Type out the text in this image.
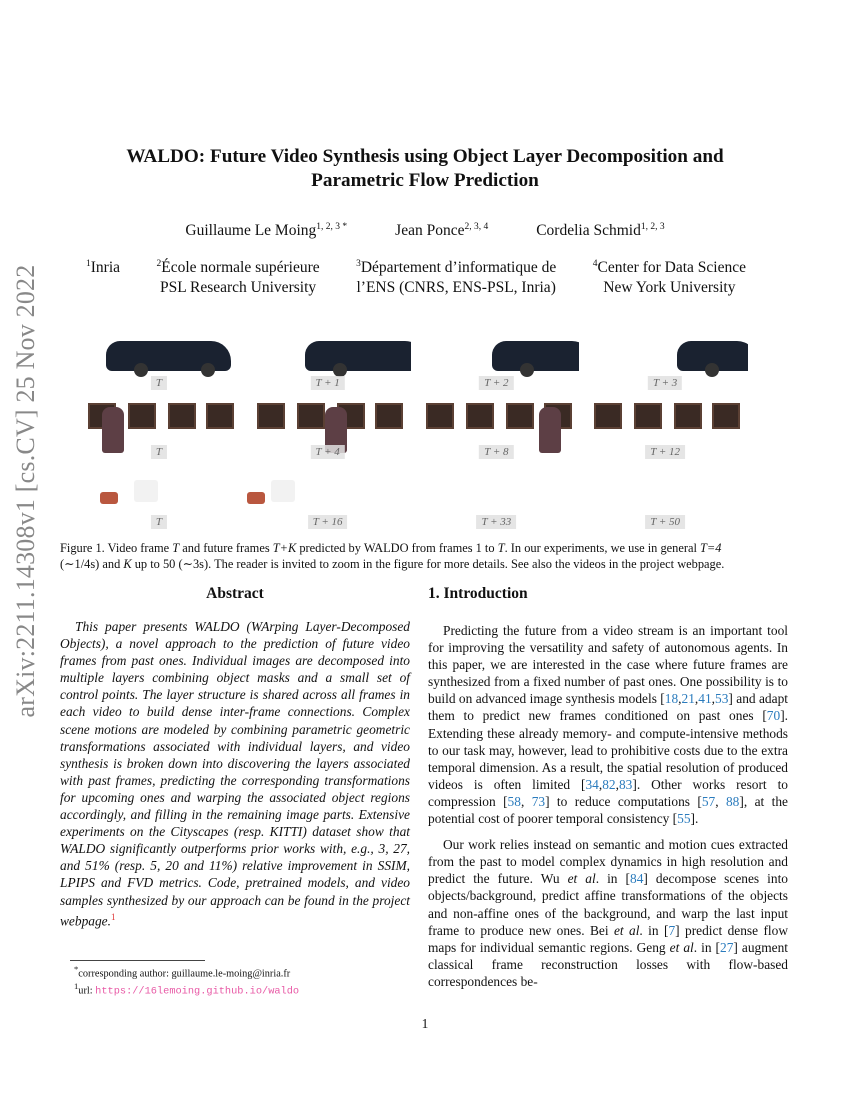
arXiv:2211.14308v1 [cs.CV] 25 Nov 2022
WALDO: Future Video Synthesis using Object Layer Decomposition and
Parametric Flow Prediction
Guillaume Le Moing$^{1, 2, 3 *}$	Jean Ponce$^{2, 3, 4}$	Cordelia Schmid$^{1, 2, 3}$
$^1$Inria	$^2$École normale supérieure
PSL Research University
$^3$Département d’informatique de
l’ENS (CNRS, ENS-PSL, Inria)
$^4$Center for Data Science
New York University
T	T + 1	T + 2	T + 3
T	T + 4	T + 8	T + 12
T	T + 16	T + 33	T + 50
Figure 1. Video frame T and future frames T+K predicted by WALDO from frames 1 to T. In our experiments, we use in general T=4
(∼1/4s) and K up to 50 (∼3s). The reader is invited to zoom in the figure for more details. See also the videos in the project webpage.
Abstract

This paper presents WALDO (WArping Layer-Decomposed Objects), a novel approach to the prediction of future video frames from past ones. Individual images are decomposed into multiple layers combining object masks and a small set of control points. The layer structure is shared across all frames in each video to build dense inter-frame connections. Complex scene motions are modeled by combining parametric geometric transformations associated with individual layers, and video synthesis is broken down into discovering the layers associated with past frames, predicting the corresponding transformations for upcoming ones and warping the associated object regions accordingly, and filling in the remaining image parts. Extensive experiments on the Cityscapes (resp. KITTI) dataset show that WALDO significantly outperforms prior works with, e.g., 3, 27, and 51% (resp. 5, 20 and 11%) relative improvement in SSIM, LPIPS and FVD metrics. Code, pretrained models, and video samples synthesized by our approach can be found in the project webpage.$^1$

*corresponding author: guillaume.le-moing@inria.fr
$^1$url: https://16lemoing.github.io/waldo
1. Introduction

Predicting the future from a video stream is an important tool for improving the versatility and safety of autonomous agents. In this paper, we are interested in the case where future frames are synthesized from a fixed number of past ones. One possibility is to build on advanced image synthesis models [18,21,41,53] and adapt them to predict new frames conditioned on past ones [70]. Extending these already memory- and compute-intensive methods to our task may, however, lead to prohibitive costs due to the extra temporal dimension. As a result, the spatial resolution of produced videos is often limited [34,82,83]. Other works resort to compression [58, 73] to reduce computations [57, 88], at the potential cost of poorer temporal consistency [55].

Our work relies instead on semantic and motion cues extracted from the past to model complex dynamics in high resolution and predict the future. Wu et al. in [84] decompose scenes into objects/background, predict affine transformations of the objects and non-affine ones of the background, and warp the last input frame to produce new ones. Bei et al. in [7] predict dense flow maps for individual semantic regions. Geng et al. in [27] augment classical frame reconstruction losses with flow-based correspondences be-

1
